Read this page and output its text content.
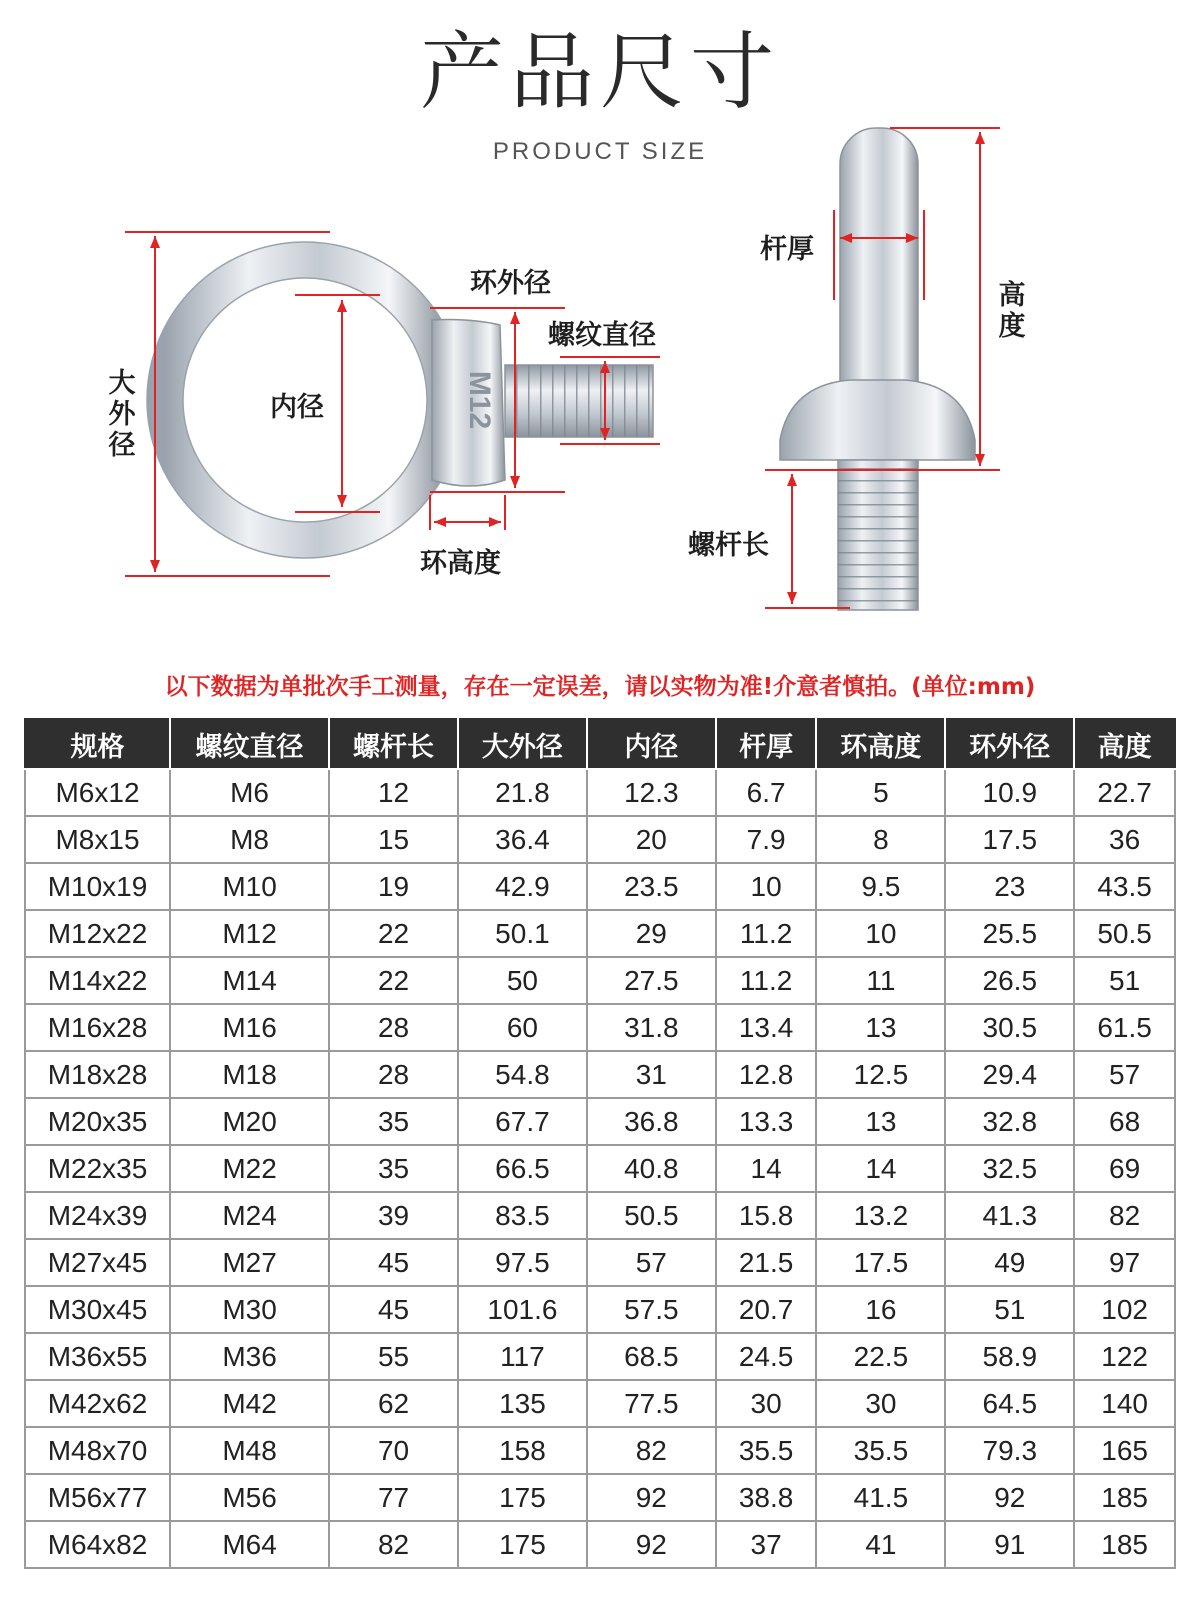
产品尺寸
PRODUCT SIZE
M12
大外径
内径
环外径
螺纹直径
环高度
杆厚
高度
螺杆长
以下数据为单批次手工测量，存在一定误差，请以实物为准!介意者慎拍。(单位:mm)
规格	螺纹直径	螺杆长	大外径	内径	杆厚	环高度	环外径	高度
M6x12	M6	12	21.8	12.3	6.7	5	10.9	22.7
M8x15	M8	15	36.4	20	7.9	8	17.5	36
M10x19	M10	19	42.9	23.5	10	9.5	23	43.5
M12x22	M12	22	50.1	29	11.2	10	25.5	50.5
M14x22	M14	22	50	27.5	11.2	11	26.5	51
M16x28	M16	28	60	31.8	13.4	13	30.5	61.5
M18x28	M18	28	54.8	31	12.8	12.5	29.4	57
M20x35	M20	35	67.7	36.8	13.3	13	32.8	68
M22x35	M22	35	66.5	40.8	14	14	32.5	69
M24x39	M24	39	83.5	50.5	15.8	13.2	41.3	82
M27x45	M27	45	97.5	57	21.5	17.5	49	97
M30x45	M30	45	101.6	57.5	20.7	16	51	102
M36x55	M36	55	117	68.5	24.5	22.5	58.9	122
M42x62	M42	62	135	77.5	30	30	64.5	140
M48x70	M48	70	158	82	35.5	35.5	79.3	165
M56x77	M56	77	175	92	38.8	41.5	92	185
M64x82	M64	82	175	92	37	41	91	185
